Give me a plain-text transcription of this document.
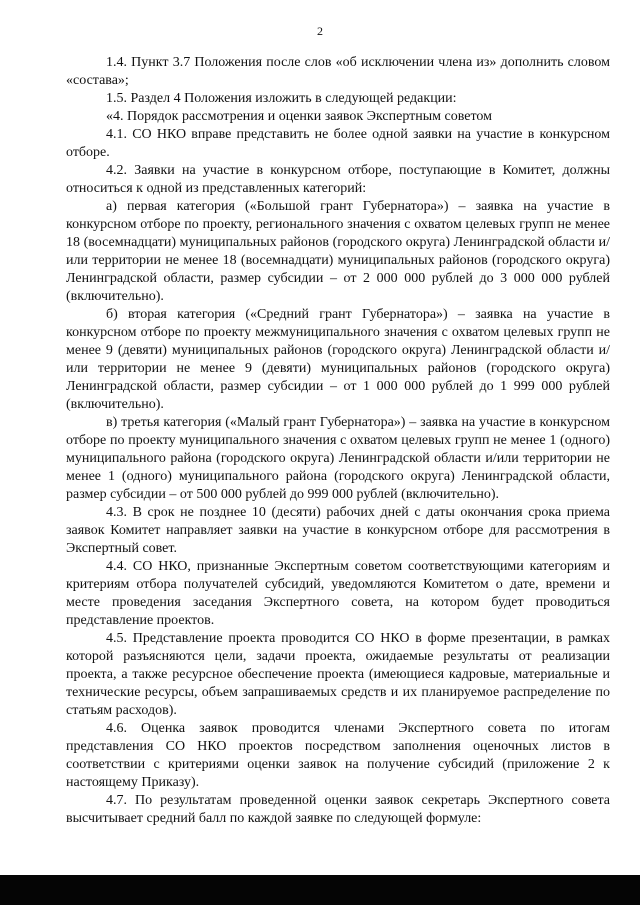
2

1.4. Пункт 3.7 Положения после слов «об исключении члена из» дополнить словом «состава»;

1.5. Раздел 4 Положения изложить в следующей редакции:

«4. Порядок рассмотрения и оценки заявок Экспертным советом

4.1. СО НКО вправе представить не более одной заявки на участие в конкурсном отборе.

4.2. Заявки на участие в конкурсном отборе, поступающие в Комитет, должны относиться к одной из представленных категорий:

а) первая категория («Большой грант Губернатора») – заявка на участие в конкурсном отборе по проекту, регионального значения с охватом целевых групп не менее 18 (восемнадцати) муниципальных районов (городского округа) Ленинградской области и/или территории не менее 18 (восемнадцати) муниципальных районов (городского округа) Ленинградской области, размер субсидии – от 2 000 000 рублей до 3 000 000 рублей (включительно).

б) вторая категория («Средний грант Губернатора») – заявка на участие в конкурсном отборе по проекту межмуниципального значения с охватом целевых групп не менее 9 (девяти) муниципальных районов (городского округа) Ленинградской области и/или территории не менее 9 (девяти) муниципальных районов (городского округа) Ленинградской области, размер субсидии – от 1 000 000 рублей до 1 999 000 рублей (включительно).

в) третья категория («Малый грант Губернатора») – заявка на участие в конкурсном отборе по проекту муниципального значения с охватом целевых групп не менее 1 (одного) муниципального района (городского округа) Ленинградской области и/или территории не менее 1 (одного) муниципального района (городского округа) Ленинградской области, размер субсидии – от 500 000 рублей до 999 000 рублей (включительно).

4.3. В срок не позднее 10 (десяти) рабочих дней с даты окончания срока приема заявок Комитет направляет заявки на участие в конкурсном отборе для рассмотрения в Экспертный совет.

4.4. СО НКО, признанные Экспертным советом соответствующими категориям и критериям отбора получателей субсидий, уведомляются Комитетом о дате, времени и месте проведения заседания Экспертного совета, на котором будет проводиться представление проектов.

4.5. Представление проекта проводится СО НКО в форме презентации, в рамках которой разъясняются цели, задачи проекта, ожидаемые результаты от реализации проекта, а также ресурсное обеспечение проекта (имеющиеся кадровые, материальные и технические ресурсы, объем запрашиваемых средств и их планируемое распределение по статьям расходов).

4.6. Оценка заявок проводится членами Экспертного совета по итогам представления СО НКО проектов посредством заполнения оценочных листов в соответствии с критериями оценки заявок на получение субсидий (приложение 2 к настоящему Приказу).

4.7. По результатам проведенной оценки заявок секретарь Экспертного совета высчитывает средний балл по каждой заявке по следующей формуле:
